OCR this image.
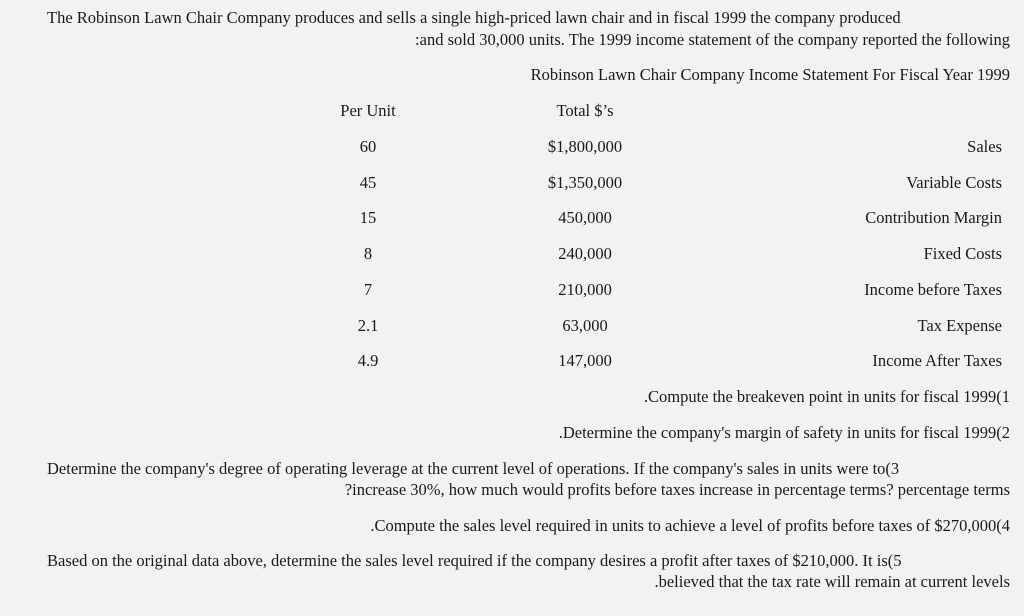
The Robinson Lawn Chair Company produces and sells a single high-priced lawn chair and in fiscal 1999 the company produced
:and sold 30,000 units. The 1999 income statement of the company reported the following
Robinson Lawn Chair Company Income Statement For Fiscal Year 1999
Per Unit	Total $’s
60	$1,800,000	Sales
45	$1,350,000	Variable Costs
15	450,000	Contribution Margin
8	240,000	Fixed Costs
7	210,000	Income before Taxes
2.1	63,000	Tax Expense
4.9	147,000	Income After Taxes
.Compute the breakeven point in units for fiscal 1999(1
.Determine the company's margin of safety in units for fiscal 1999(2
Determine the company's degree of operating leverage at the current level of operations. If the company's sales in units were to(3
?increase 30%, how much would profits before taxes increase in percentage terms? percentage terms
.Compute the sales level required in units to achieve a level of profits before taxes of $270,000(4
Based on the original data above, determine the sales level required if the company desires a profit after taxes of $210,000. It is(5
.believed that the tax rate will remain at current levels
